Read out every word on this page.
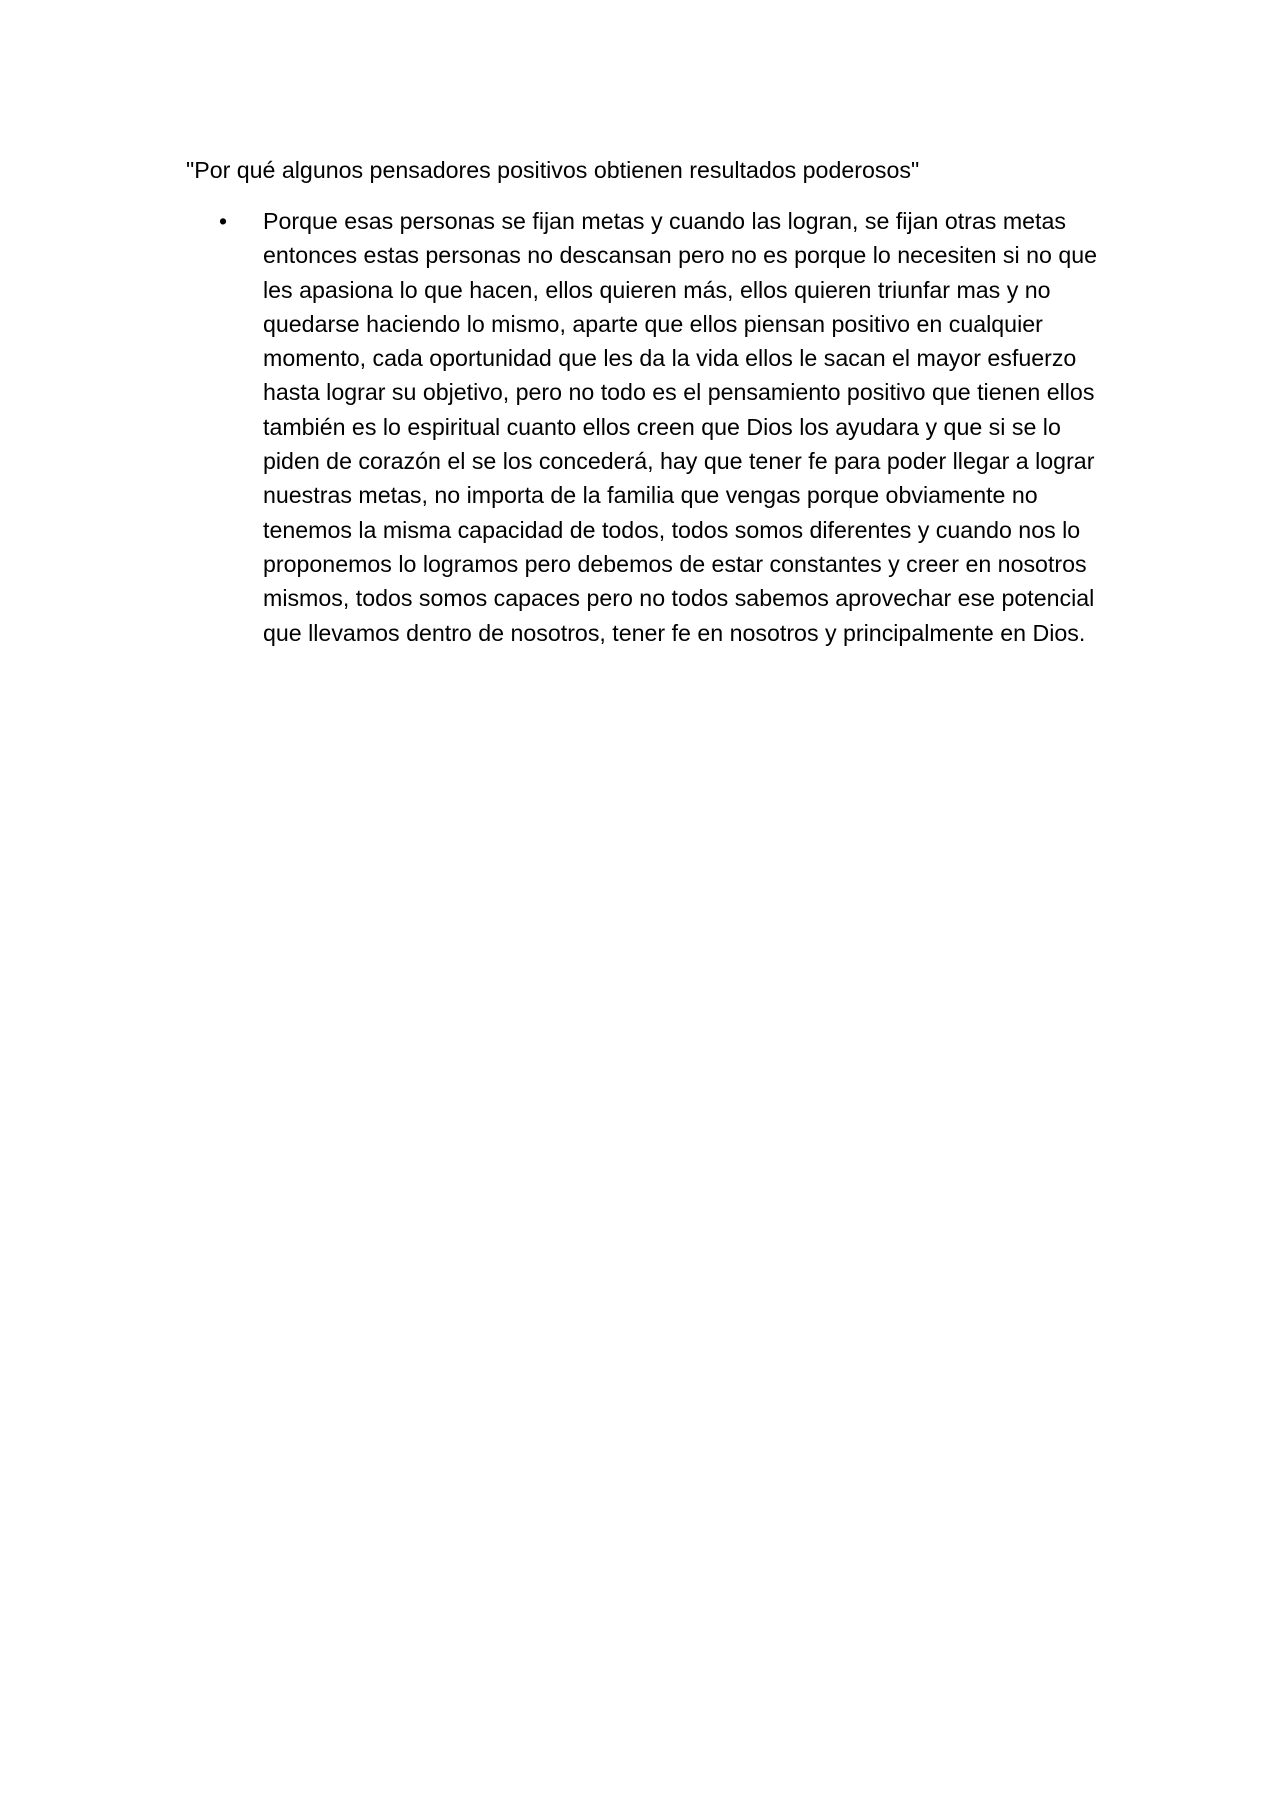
"Por qué algunos pensadores positivos obtienen resultados poderosos"
• Porque esas personas se fijan metas y cuando las logran, se fijan otras metas entonces estas personas no descansan pero no es porque lo necesiten si no que les apasiona lo que hacen, ellos quieren más, ellos quieren triunfar mas y no quedarse haciendo lo mismo, aparte que ellos piensan positivo en cualquier momento, cada oportunidad que les da la vida ellos le sacan el mayor esfuerzo hasta lograr su objetivo, pero no todo es el pensamiento positivo que tienen ellos también es lo espiritual cuanto ellos creen que Dios los ayudara y que si se lo piden de corazón el se los concederá, hay que tener fe para poder llegar a lograr nuestras metas, no importa de la familia que vengas porque obviamente no tenemos la misma capacidad de todos, todos somos diferentes y cuando nos lo proponemos lo logramos pero debemos de estar constantes y creer en nosotros mismos, todos somos capaces pero no todos sabemos aprovechar ese potencial que llevamos dentro de nosotros, tener fe en nosotros y principalmente en Dios.
